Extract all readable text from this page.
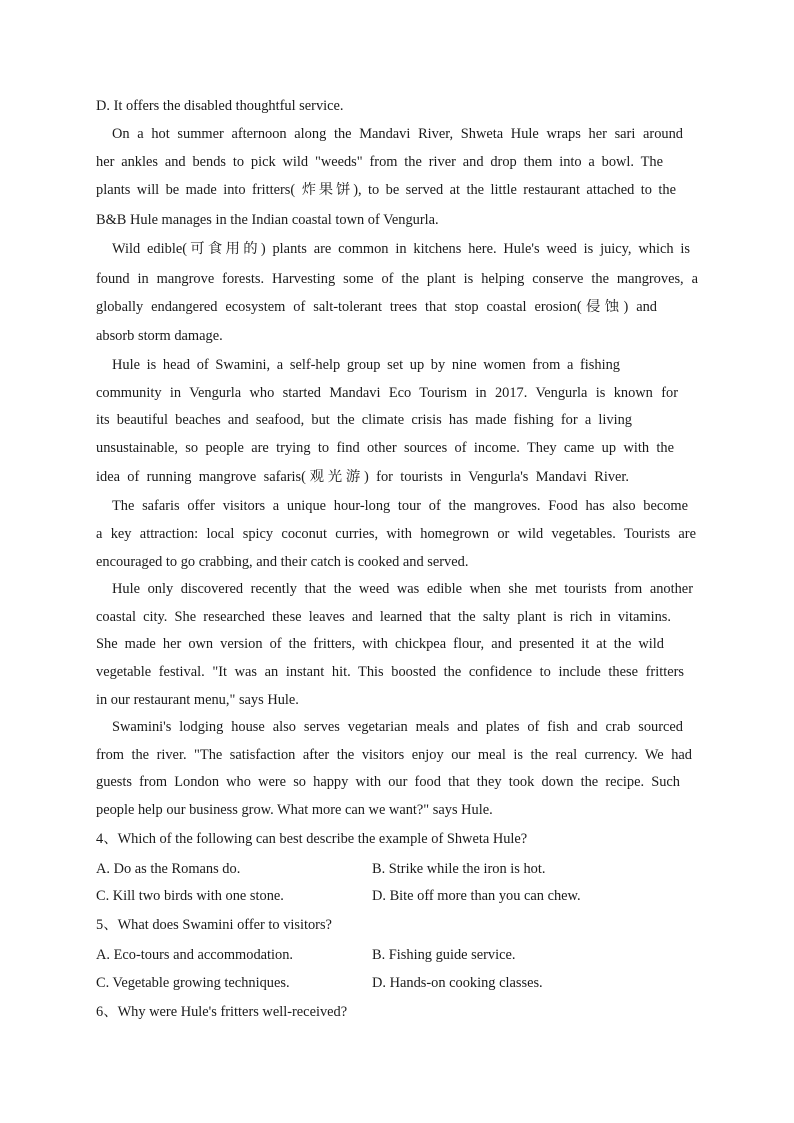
D. It offers the disabled thoughtful service.
On a hot summer afternoon along the Mandavi River, Shweta Hule wraps her sari around
her ankles and bends to pick wild "weeds" from the river and drop them into a bowl. The
plants will be made into fritters( 炸果饼), to be served at the little restaurant attached to the
B&B Hule manages in the Indian coastal town of Vengurla.
Wild edible(可食用的) plants are common in kitchens here. Hule's weed is juicy, which is
found in mangrove forests. Harvesting some of the plant is helping conserve the mangroves, a
globally endangered ecosystem of salt-tolerant trees that stop coastal erosion(侵蚀) and
absorb storm damage.
Hule is head of Swamini, a self-help group set up by nine women from a fishing
community in Vengurla who started Mandavi Eco Tourism in 2017. Vengurla is known for
its beautiful beaches and seafood, but the climate crisis has made fishing for a living
unsustainable, so people are trying to find other sources of income. They came up with the
idea of running mangrove safaris(观光游) for tourists in Vengurla's Mandavi River.
The safaris offer visitors a unique hour-long tour of the mangroves. Food has also become
a key attraction: local spicy coconut curries, with homegrown or wild vegetables. Tourists are
encouraged to go crabbing, and their catch is cooked and served.
Hule only discovered recently that the weed was edible when she met tourists from another
coastal city. She researched these leaves and learned that the salty plant is rich in vitamins.
She made her own version of the fritters, with chickpea flour, and presented it at the wild
vegetable festival. "It was an instant hit. This boosted the confidence to include these fritters
in our restaurant menu," says Hule.
Swamini's lodging house also serves vegetarian meals and plates of fish and crab sourced
from the river. "The satisfaction after the visitors enjoy our meal is the real currency. We had
guests from London who were so happy with our food that they took down the recipe. Such
people help our business grow. What more can we want?" says Hule.
4、Which of the following can best describe the example of Shweta Hule?
A. Do as the Romans do.	B. Strike while the iron is hot.
C. Kill two birds with one stone.	D. Bite off more than you can chew.
5、What does Swamini offer to visitors?
A. Eco-tours and accommodation.	B. Fishing guide service.
C. Vegetable growing techniques.	D. Hands-on cooking classes.
6、Why were Hule's fritters well-received?
